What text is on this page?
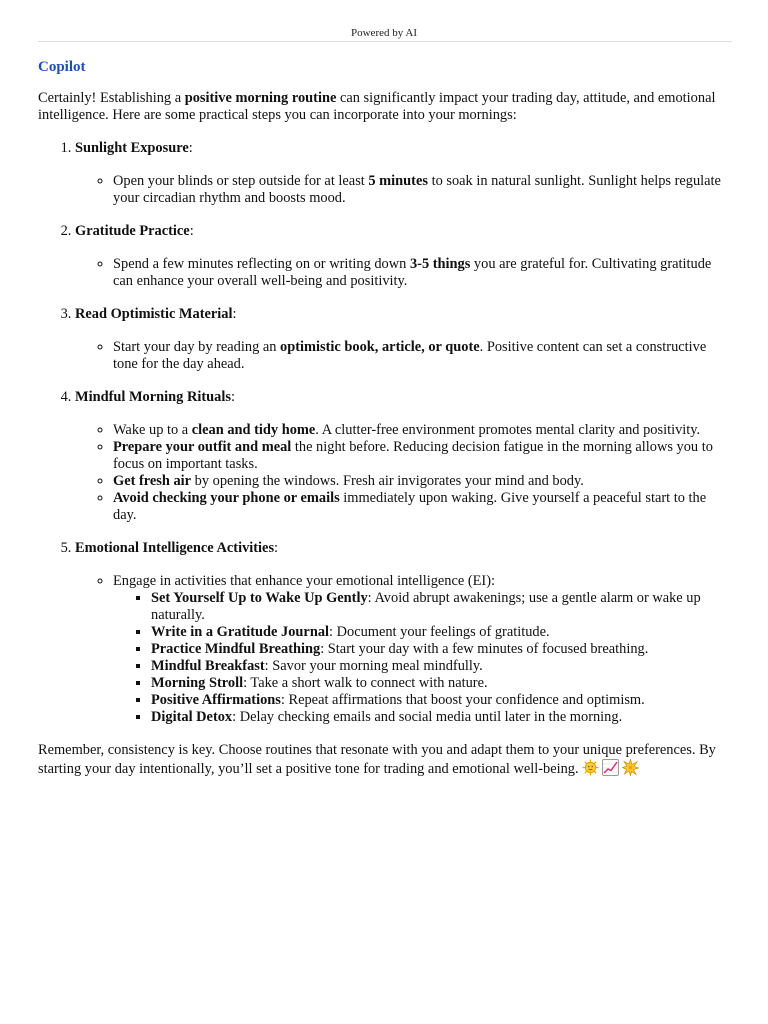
Powered by AI
Copilot

Certainly! Establishing a positive morning routine can significantly impact your trading day, attitude, and emotional intelligence. Here are some practical steps you can incorporate into your mornings:

1. Sunlight Exposure:
◦ Open your blinds or step outside for at least 5 minutes to soak in natural sunlight. Sunlight helps regulate your circadian rhythm and boosts mood.
2. Gratitude Practice:
◦ Spend a few minutes reflecting on or writing down 3-5 things you are grateful for. Cultivating gratitude can enhance your overall well-being and positivity.
3. Read Optimistic Material:
◦ Start your day by reading an optimistic book, article, or quote. Positive content can set a constructive tone for the day ahead.
4. Mindful Morning Rituals:
◦ Wake up to a clean and tidy home. A clutter-free environment promotes mental clarity and positivity.
◦ Prepare your outfit and meal the night before. Reducing decision fatigue in the morning allows you to focus on important tasks.
◦ Get fresh air by opening the windows. Fresh air invigorates your mind and body.
◦ Avoid checking your phone or emails immediately upon waking. Give yourself a peaceful start to the day.
5. Emotional Intelligence Activities:
◦ Engage in activities that enhance your emotional intelligence (EI):
▪ Set Yourself Up to Wake Up Gently: Avoid abrupt awakenings; use a gentle alarm or wake up naturally.
▪ Write in a Gratitude Journal: Document your feelings of gratitude.
▪ Practice Mindful Breathing: Start your day with a few minutes of focused breathing.
▪ Mindful Breakfast: Savor your morning meal mindfully.
▪ Morning Stroll: Take a short walk to connect with nature.
▪ Positive Affirmations: Repeat affirmations that boost your confidence and optimism.
▪ Digital Detox: Delay checking emails and social media until later in the morning.

Remember, consistency is key. Choose routines that resonate with you and adapt them to your unique preferences. By starting your day intentionally, you’ll set a positive tone for trading and emotional well-being.
